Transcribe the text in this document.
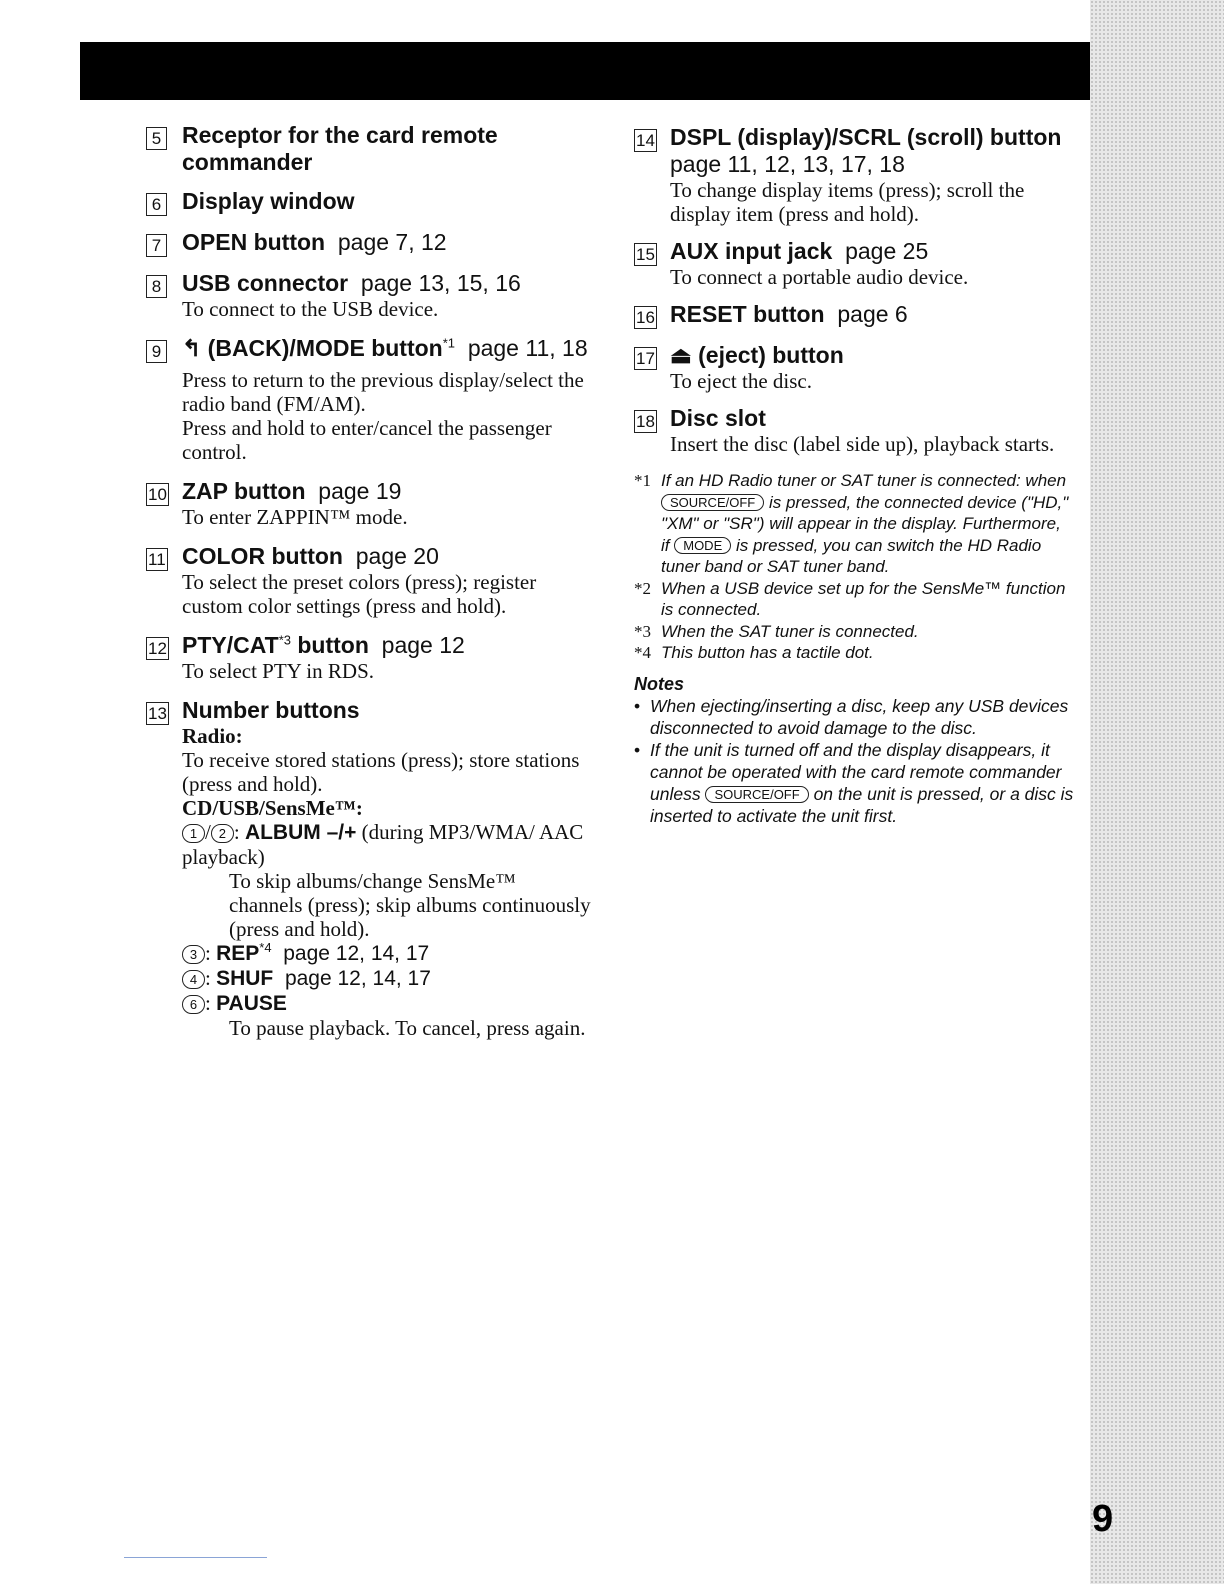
9
5 Receptor for the card remote commander
6 Display window
7 OPEN button page 7, 12
8 USB connector page 13, 15, 16
To connect to the USB device.
9 ↰ (BACK)/MODE button$^{*1}$ page 11, 18
Press to return to the previous display/select the radio band (FM/AM).
Press and hold to enter/cancel the passenger control.
10 ZAP button page 19
To enter ZAPPIN™ mode.
11 COLOR button page 20
To select the preset colors (press); register custom color settings (press and hold).
12 PTY/CAT$^{*3}$ button page 12
To select PTY in RDS.
13 Number buttons
Radio:
To receive stored stations (press); store stations (press and hold).
CD/USB/SensMe™:
1 / 2 : ALBUM –/+ (during MP3/WMA/ AAC playback)
To skip albums/change SensMe™ channels (press); skip albums continuously (press and hold).
3 : REP$^{*4}$ page 12, 14, 17
4 : SHUF page 12, 14, 17
6 : PAUSE
To pause playback. To cancel, press again.
14 DSPL (display)/SCRL (scroll) button
page 11, 12, 13, 17, 18
To change display items (press); scroll the display item (press and hold).
15 AUX input jack page 25
To connect a portable audio device.
16 RESET button page 6
17 ⏏ (eject) button
To eject the disc.
18 Disc slot
Insert the disc (label side up), playback starts.
*1 If an HD Radio tuner or SAT tuner is connected: when SOURCE/OFF is pressed, the connected device ("HD," "XM" or "SR") will appear in the display. Furthermore, if MODE is pressed, you can switch the HD Radio tuner band or SAT tuner band.
*2 When a USB device set up for the SensMe™ function is connected.
*3 When the SAT tuner is connected.
*4 This button has a tactile dot.
Notes
• When ejecting/inserting a disc, keep any USB devices disconnected to avoid damage to the disc.
• If the unit is turned off and the display disappears, it cannot be operated with the card remote commander unless SOURCE/OFF on the unit is pressed, or a disc is inserted to activate the unit first.
